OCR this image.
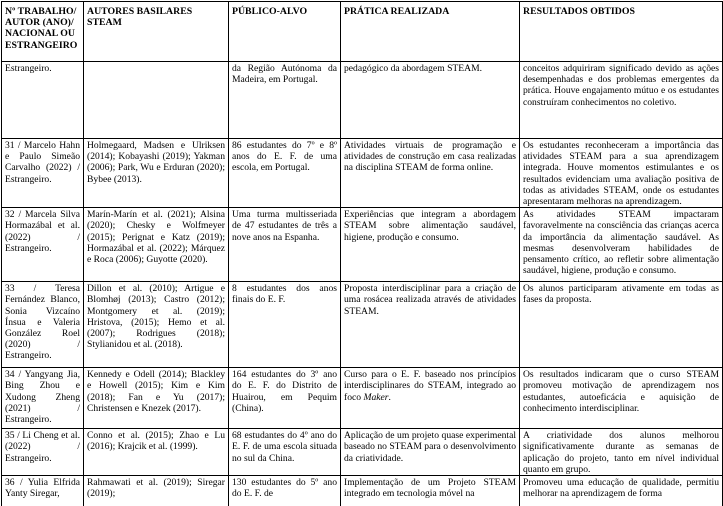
Nº TRABALHO/ AUTOR (ANO)/ NACIONAL OU ESTRANGEIRO	AUTORES BASILARES STEAM	PÚBLICO-ALVO	PRÁTICA REALIZADA	RESULTADOS OBTIDOS
Estrangeiro.		da Região Autónoma da Madeira, em Portugal.	pedagógico da abordagem STEAM.	conceitos adquiriram significado devido as ações desempenhadas e dos problemas emergentes da prática. Houve engajamento mútuo e os estudantes construíram conhecimentos no coletivo.
31 / Marcelo Hahn e Paulo Simeão Carvalho (2022) / Estrangeiro.	Holmegaard, Madsen e Ulriksen (2014); Kobayashi (2019); Yakman (2006); Park, Wu e Erduran (2020); Bybee (2013).	86 estudantes do 7º e 8º anos do E. F. de uma escola, em Portugal.	Atividades virtuais de programação e atividades de construção em casa realizadas na disciplina STEAM de forma online.	Os estudantes reconheceram a importância das atividades STEAM para a sua aprendizagem integrada. Houve momentos estimulantes e os resultados evidenciam uma avaliação positiva de todas as atividades STEAM, onde os estudantes apresentaram melhoras na aprendizagem.
32 / Marcela Silva Hormazábal et al. (2022) / Estrangeiro.	Marín-Marín et al. (2021); Alsina (2020); Chesky e Wolfmeyer (2015); Perignat e Katz (2019); Hormazábal et al. (2022); Márquez e Roca (2006); Guyotte (2020).	Uma turma multisseriada de 47 estudantes de três a nove anos na Espanha.	Experiências que integram a abordagem STEAM sobre alimentação saudável, higiene, produção e consumo.	As atividades STEAM impactaram favoravelmente na consciência das crianças acerca da importância da alimentação saudável. As mesmas desenvolveram habilidades de pensamento crítico, ao refletir sobre alimentação saudável, higiene, produção e consumo.
33 / Teresa Fernández Blanco, Sonia Vizcaíno Ínsua e Valeria González Roel (2020) / Estrangeiro.	Dillon et al. (2010); Artigue e Blomhøj (2013); Castro (2012); Montgomery et al. (2019); Hristova, (2015); Hemo et al. (2007); Rodrigues (2018); Stylianidou et al. (2018).	8 estudantes dos anos finais do E. F.	Proposta interdisciplinar para a criação de uma rosácea realizada através de atividades STEAM.	Os alunos participaram ativamente em todas as fases da proposta.
34 / Yangyang Jia, Bing Zhou e Xudong Zheng (2021) / Estrangeiro.	Kennedy e Odell (2014); Blackley e Howell (2015); Kim e Kim (2018); Fan e Yu (2017); Christensen e Knezek (2017).	164 estudantes do 3º ano do E. F. do Distrito de Huairou, em Pequim (China).	Curso para o E. F. baseado nos princípios interdisciplinares do STEAM, integrado ao foco Maker.	Os resultados indicaram que o curso STEAM promoveu motivação de aprendizagem nos estudantes, autoeficácia e aquisição de conhecimento interdisciplinar.
35 / Li Cheng et al. (2022) / Estrangeiro.	Conno et al. (2015); Zhao e Lu (2016); Krajcik et al. (1999).	68 estudantes do 4º ano do E. F. de uma escola situada no sul da China.	Aplicação de um projeto quase experimental baseado no STEAM para o desenvolvimento da criatividade.	A criatividade dos alunos melhorou significativamente durante as semanas de aplicação do projeto, tanto em nível individual quanto em grupo.
36 / Yulia Elfrida Yanty Siregar,	Rahmawati et al. (2019); Siregar (2019);	130 estudantes do 5º ano do E. F. de	Implementação de um Projeto STEAM integrado em tecnologia móvel na	Promoveu uma educação de qualidade, permitiu melhorar na aprendizagem de forma
